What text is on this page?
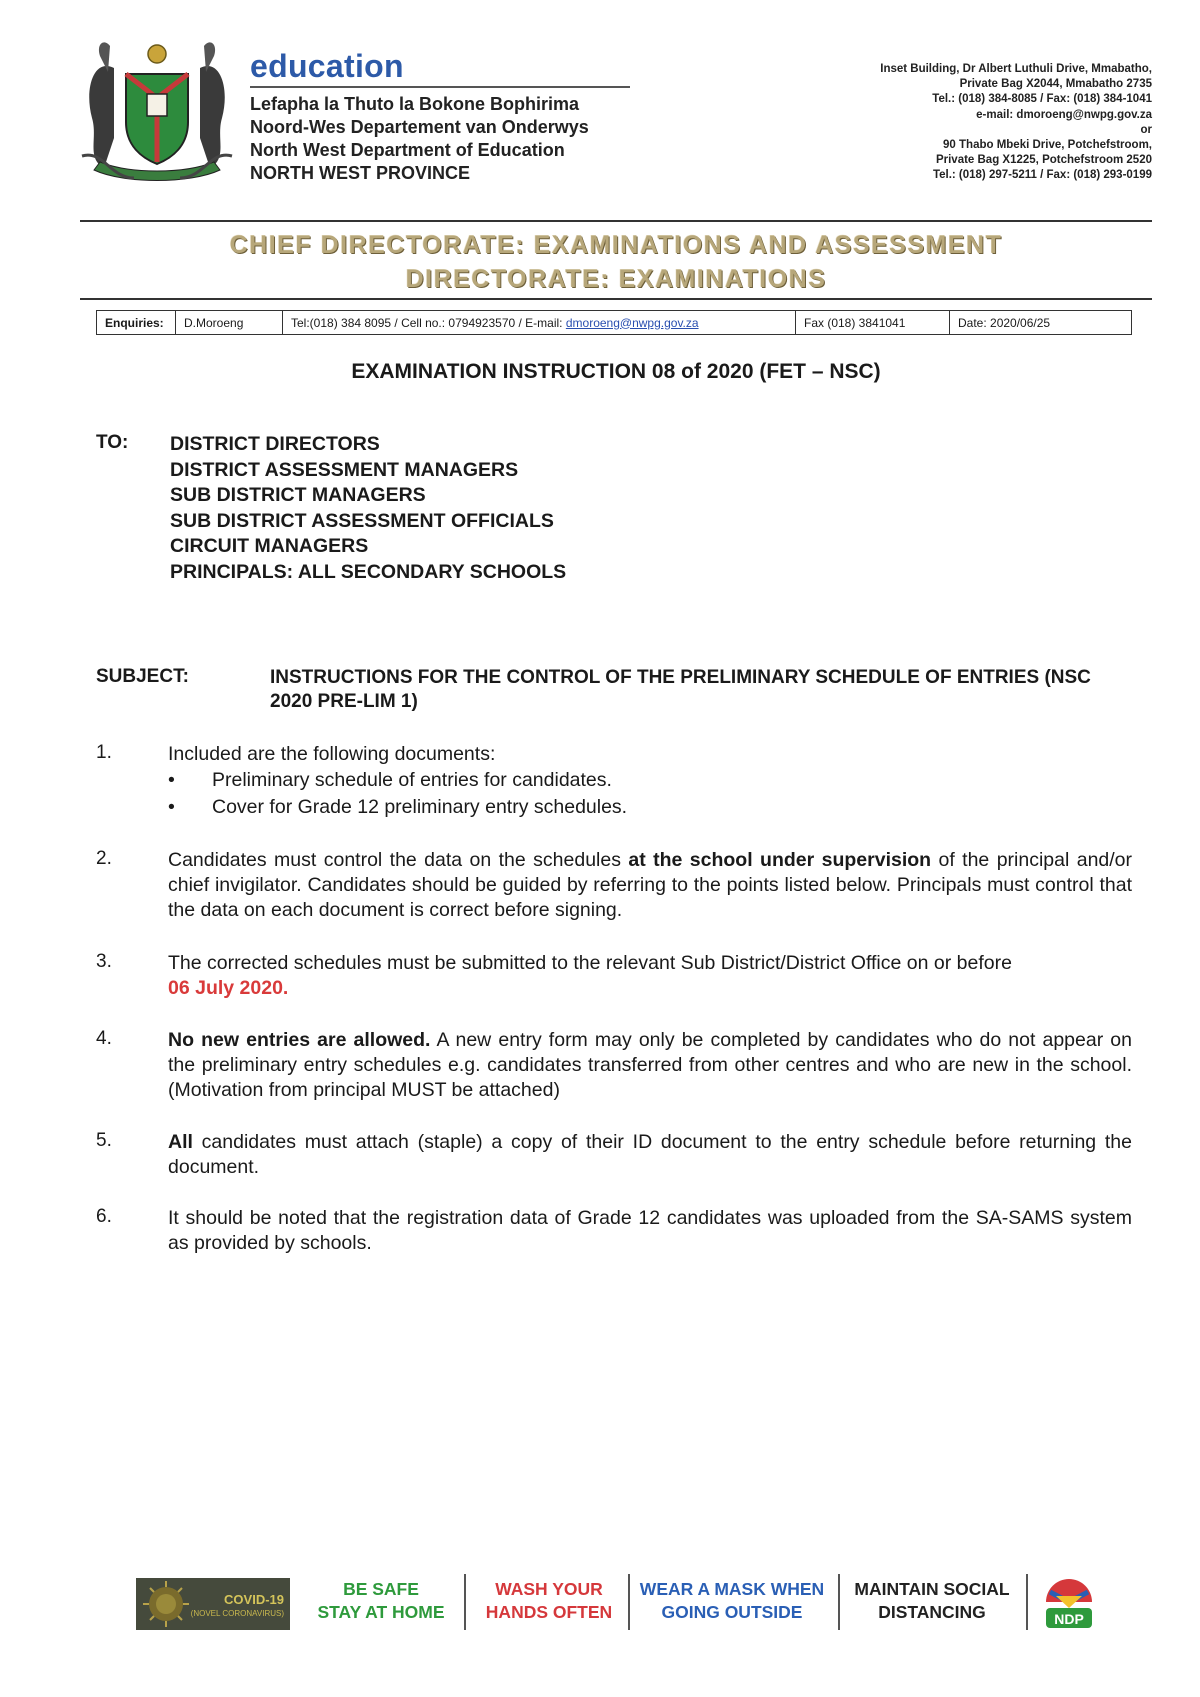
education
Lefapha la Thuto la Bokone Bophirima
Noord-Wes Departement van Onderwys
North West Department of Education
NORTH WEST PROVINCE
Inset Building, Dr Albert Luthuli Drive, Mmabatho,
Private Bag X2044, Mmabatho 2735
Tel.: (018) 384-8085 / Fax: (018) 384-1041
e-mail: dmoroeng@nwpg.gov.za
or
90 Thabo Mbeki Drive, Potchefstroom,
Private Bag X1225, Potchefstroom 2520
Tel.: (018) 297-5211 / Fax: (018) 293-0199
CHIEF DIRECTORATE: EXAMINATIONS AND ASSESSMENT
DIRECTORATE: EXAMINATIONS
Enquiries:	D.Moroeng	Tel:(018) 384 8095 / Cell no.: 0794923570 / E-mail:
dmoroeng@nwpg.gov.za	Fax (018) 3841041	Date: 2020/06/25
EXAMINATION INSTRUCTION 08 of 2020 (FET – NSC)
TO: DISTRICT DIRECTORS
DISTRICT ASSESSMENT MANAGERS
SUB DISTRICT MANAGERS
SUB DISTRICT ASSESSMENT OFFICIALS
CIRCUIT MANAGERS
PRINCIPALS: ALL SECONDARY SCHOOLS
SUBJECT:	INSTRUCTIONS FOR THE CONTROL OF THE PRELIMINARY SCHEDULE OF ENTRIES (NSC 2020 PRE-LIM 1)
1.	Included are the following documents:
• Preliminary schedule of entries for candidates.
• Cover for Grade 12 preliminary entry schedules.
2.	Candidates must control the data on the schedules at the school under supervision of the principal and/or chief invigilator. Candidates should be guided by referring to the points listed below. Principals must control that the data on each document is correct before signing.
3.	The corrected schedules must be submitted to the relevant Sub District/District Office on or before
06 July 2020.
4.	No new entries are allowed. A new entry form may only be completed by candidates who do not appear on the preliminary entry schedules e.g. candidates transferred from other centres and who are new in the school. (Motivation from principal MUST be attached)
5.	All candidates must attach (staple) a copy of their ID document to the entry schedule before returning the document.
6.	It should be noted that the registration data of Grade 12 candidates was uploaded from the SA-SAMS system as provided by schools.
COVID-19
(NOVEL CORONAVIRUS)
BE SAFE
STAY AT HOME
WASH YOUR
HANDS OFTEN
WEAR A MASK WHEN
GOING OUTSIDE
MAINTAIN SOCIAL
DISTANCING	NDP
